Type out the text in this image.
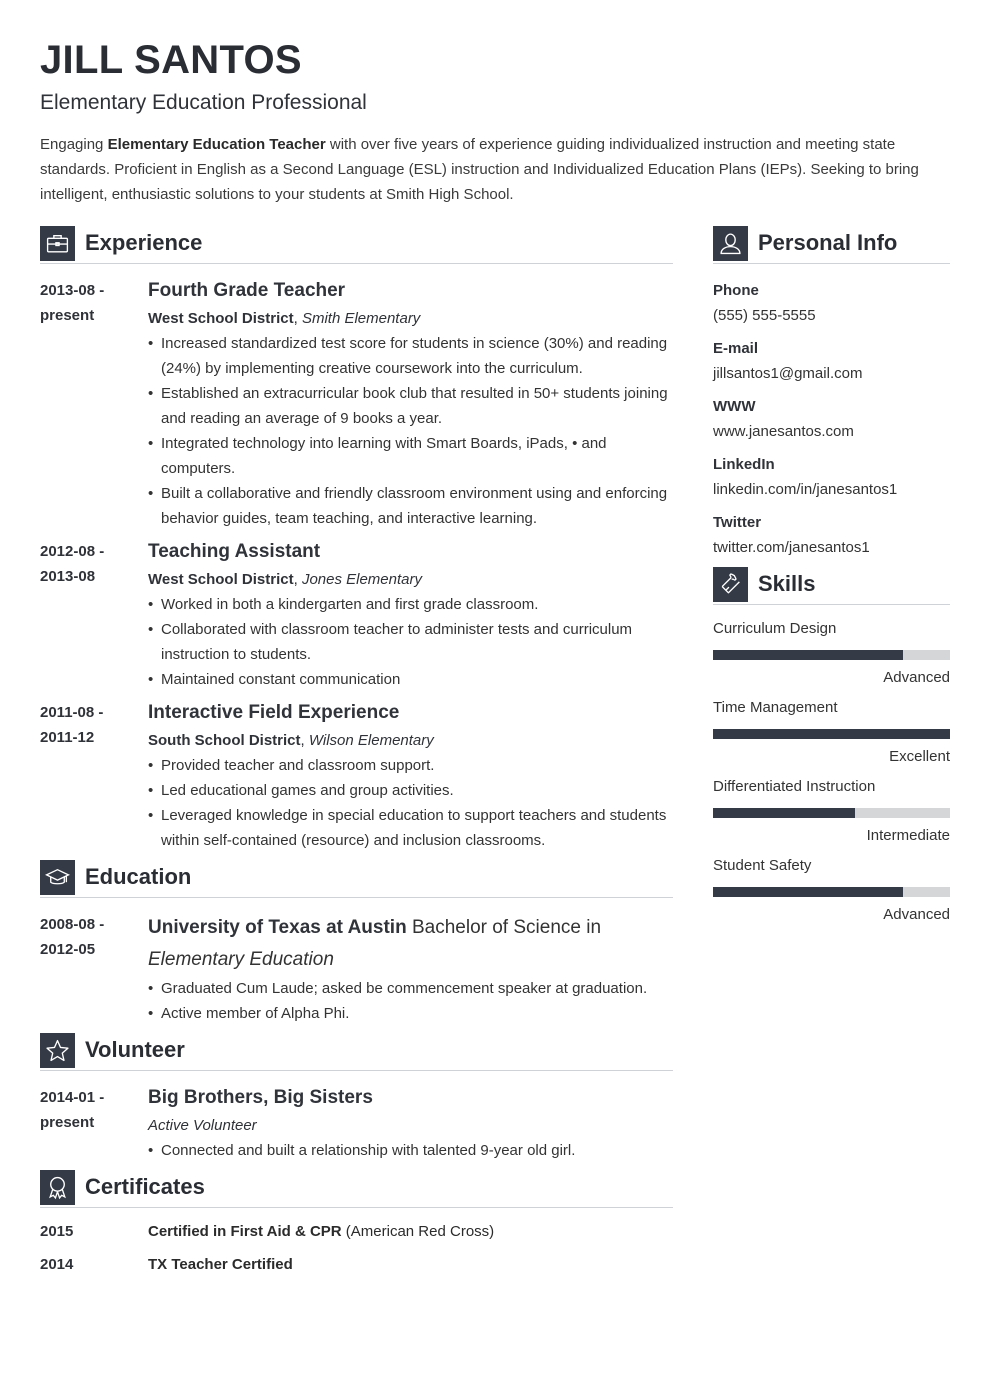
JILL SANTOS
Elementary Education Professional
Engaging Elementary Education Teacher with over five years of experience guiding individualized instruction and meeting state standards. Proficient in English as a Second Language (ESL) instruction and Individualized Education Plans (IEPs). Seeking to bring intelligent, enthusiastic solutions to your students at Smith High School.
Experience
2013-08 -
present
Fourth Grade Teacher
West School District, Smith Elementary
• Increased standardized test score for students in science (30%) and reading (24%) by implementing creative coursework into the curriculum.
• Established an extracurricular book club that resulted in 50+ students joining and reading an average of 9 books a year.
• Integrated technology into learning with Smart Boards, iPads, • and computers.
• Built a collaborative and friendly classroom environment using and enforcing behavior guides, team teaching, and interactive learning.
2012-08 -
2013-08
Teaching Assistant
West School District, Jones Elementary
• Worked in both a kindergarten and first grade classroom.
• Collaborated with classroom teacher to administer tests and curriculum instruction to students.
• Maintained constant communication
2011-08 -
2011-12
Interactive Field Experience
South School District, Wilson Elementary
• Provided teacher and classroom support.
• Led educational games and group activities.
• Leveraged knowledge in special education to support teachers and students within self-contained (resource) and inclusion classrooms.
Education
2008-08 -
2012-05
University of Texas at Austin Bachelor of Science in
Elementary Education
• Graduated Cum Laude; asked be commencement speaker at graduation.
• Active member of Alpha Phi.
Volunteer
2014-01 -
present
Big Brothers, Big Sisters
Active Volunteer
• Connected and built a relationship with talented 9-year old girl.
Certificates
2015	Certified in First Aid & CPR (American Red Cross)
2014	TX Teacher Certified
Personal Info
Phone
(555) 555-5555
E-mail
jillsantos1@gmail.com
WWW
www.janesantos.com
LinkedIn
linkedin.com/in/janesantos1
Twitter
twitter.com/janesantos1
Skills
Curriculum Design
Advanced
Time Management
Excellent
Differentiated Instruction
Intermediate
Student Safety
Advanced
